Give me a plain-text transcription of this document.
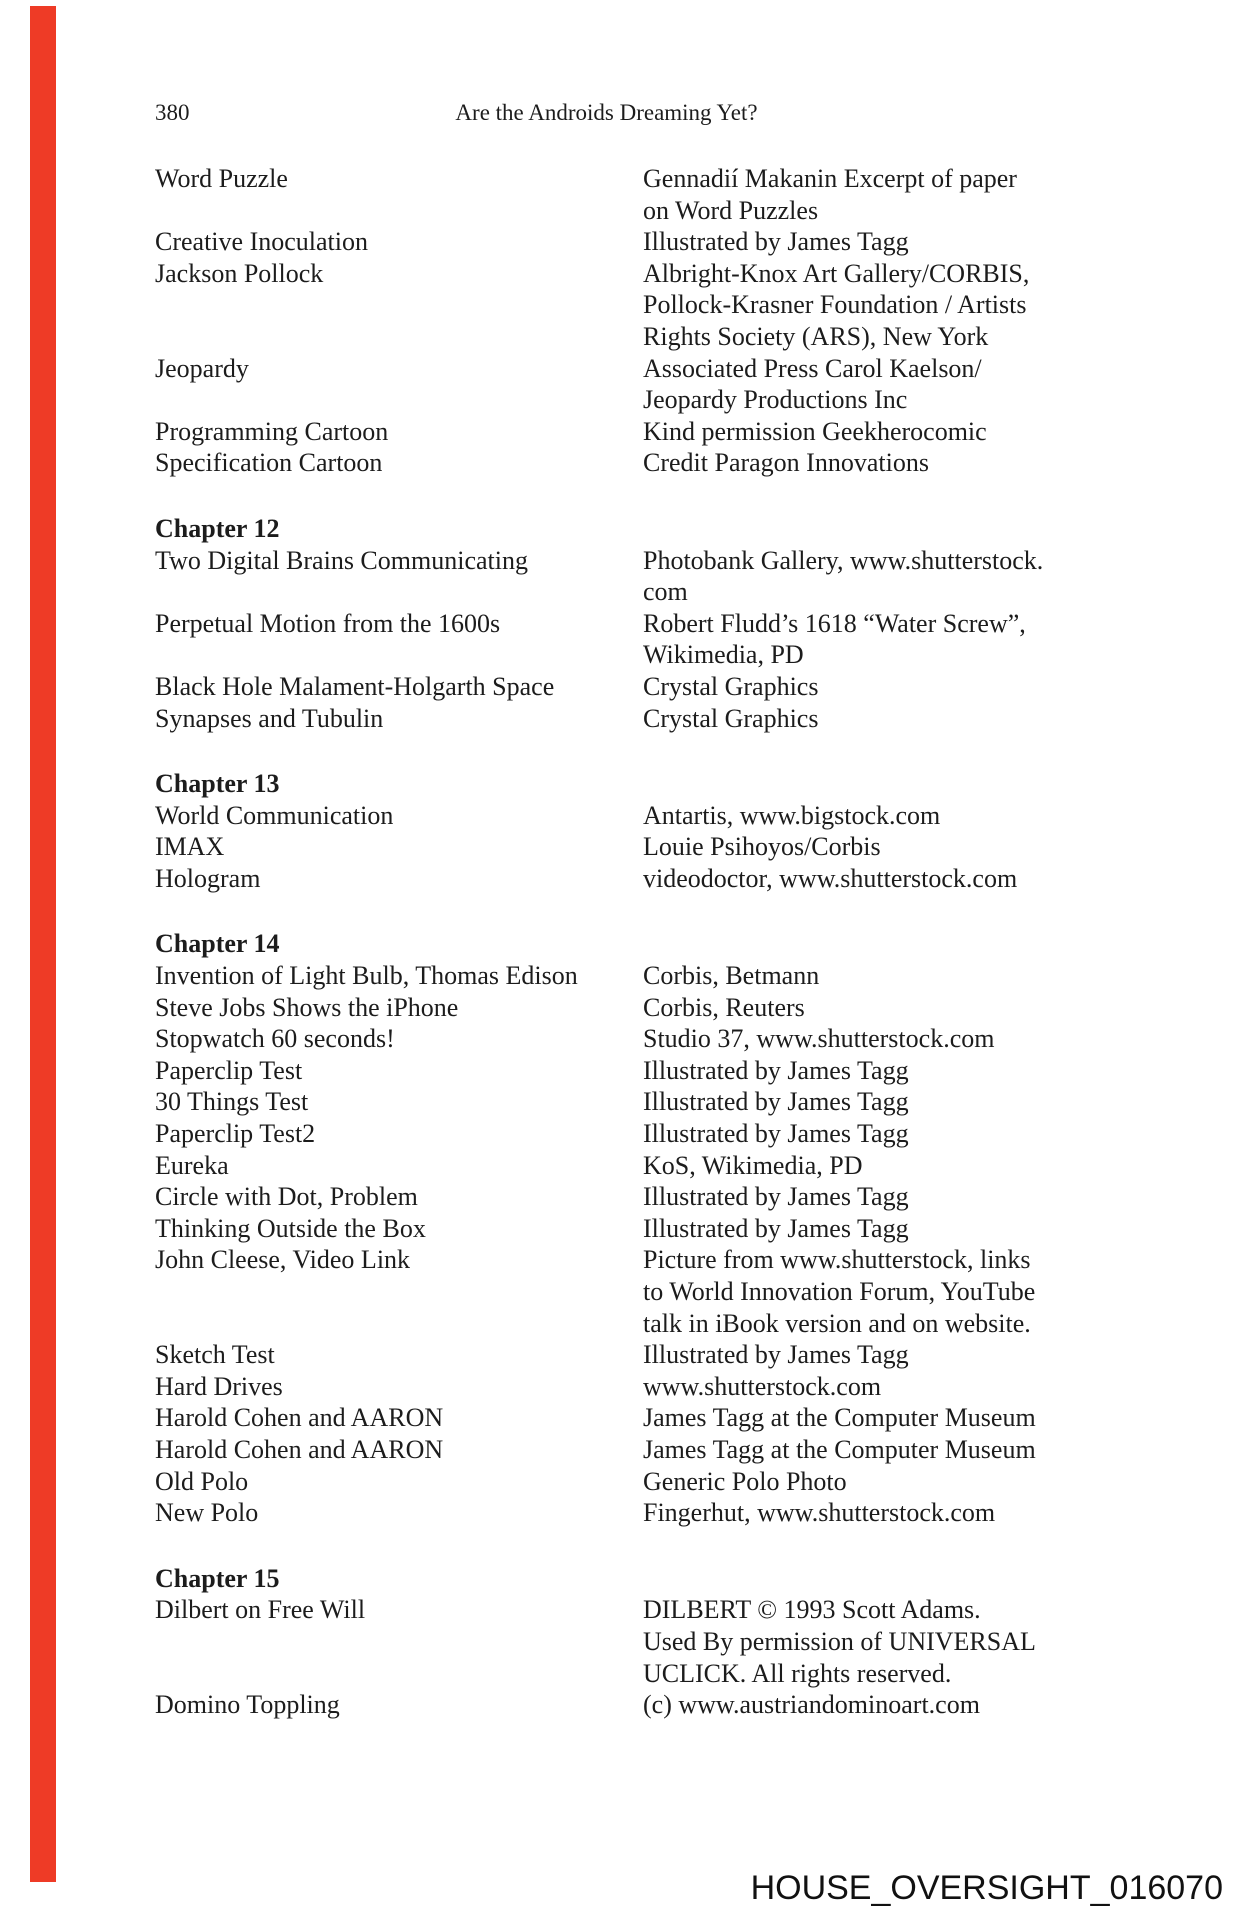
380	Are the Androids Dreaming Yet?
Word Puzzle	Gennadií Makanin Excerpt of paper
on Word Puzzles
Creative Inoculation	Illustrated by James Tagg
Jackson Pollock	Albright-Knox Art Gallery/CORBIS,
Pollock-Krasner Foundation / Artists
Rights Society (ARS), New York
Jeopardy	Associated Press Carol Kaelson/
Jeopardy Productions Inc
Programming Cartoon	Kind permission Geekherocomic
Specification Cartoon	Credit Paragon Innovations
Chapter 12
Two Digital Brains Communicating	Photobank Gallery, www.shutterstock.
com
Perpetual Motion from the 1600s	Robert Fludd’s 1618 “Water Screw”,
Wikimedia, PD
Black Hole Malament-Holgarth Space	Crystal Graphics
Synapses and Tubulin	Crystal Graphics
Chapter 13
World Communication	Antartis, www.bigstock.com
IMAX	Louie Psihoyos/Corbis
Hologram	videodoctor, www.shutterstock.com
Chapter 14
Invention of Light Bulb, Thomas Edison	Corbis, Betmann
Steve Jobs Shows the iPhone	Corbis, Reuters
Stopwatch 60 seconds!	Studio 37, www.shutterstock.com
Paperclip Test	Illustrated by James Tagg
30 Things Test	Illustrated by James Tagg
Paperclip Test2	Illustrated by James Tagg
Eureka	KoS, Wikimedia, PD
Circle with Dot, Problem	Illustrated by James Tagg
Thinking Outside the Box	Illustrated by James Tagg
John Cleese, Video Link	Picture from www.shutterstock, links
to World Innovation Forum, YouTube
talk in iBook version and on website.
Sketch Test	Illustrated by James Tagg
Hard Drives	www.shutterstock.com
Harold Cohen and AARON	James Tagg at the Computer Museum
Harold Cohen and AARON	James Tagg at the Computer Museum
Old Polo	Generic Polo Photo
New Polo	Fingerhut, www.shutterstock.com
Chapter 15
Dilbert on Free Will	DILBERT © 1993 Scott Adams.
Used By permission of UNIVERSAL
UCLICK. All rights reserved.
Domino Toppling	(c) www.austriandominoart.com
HOUSE_OVERSIGHT_016070
